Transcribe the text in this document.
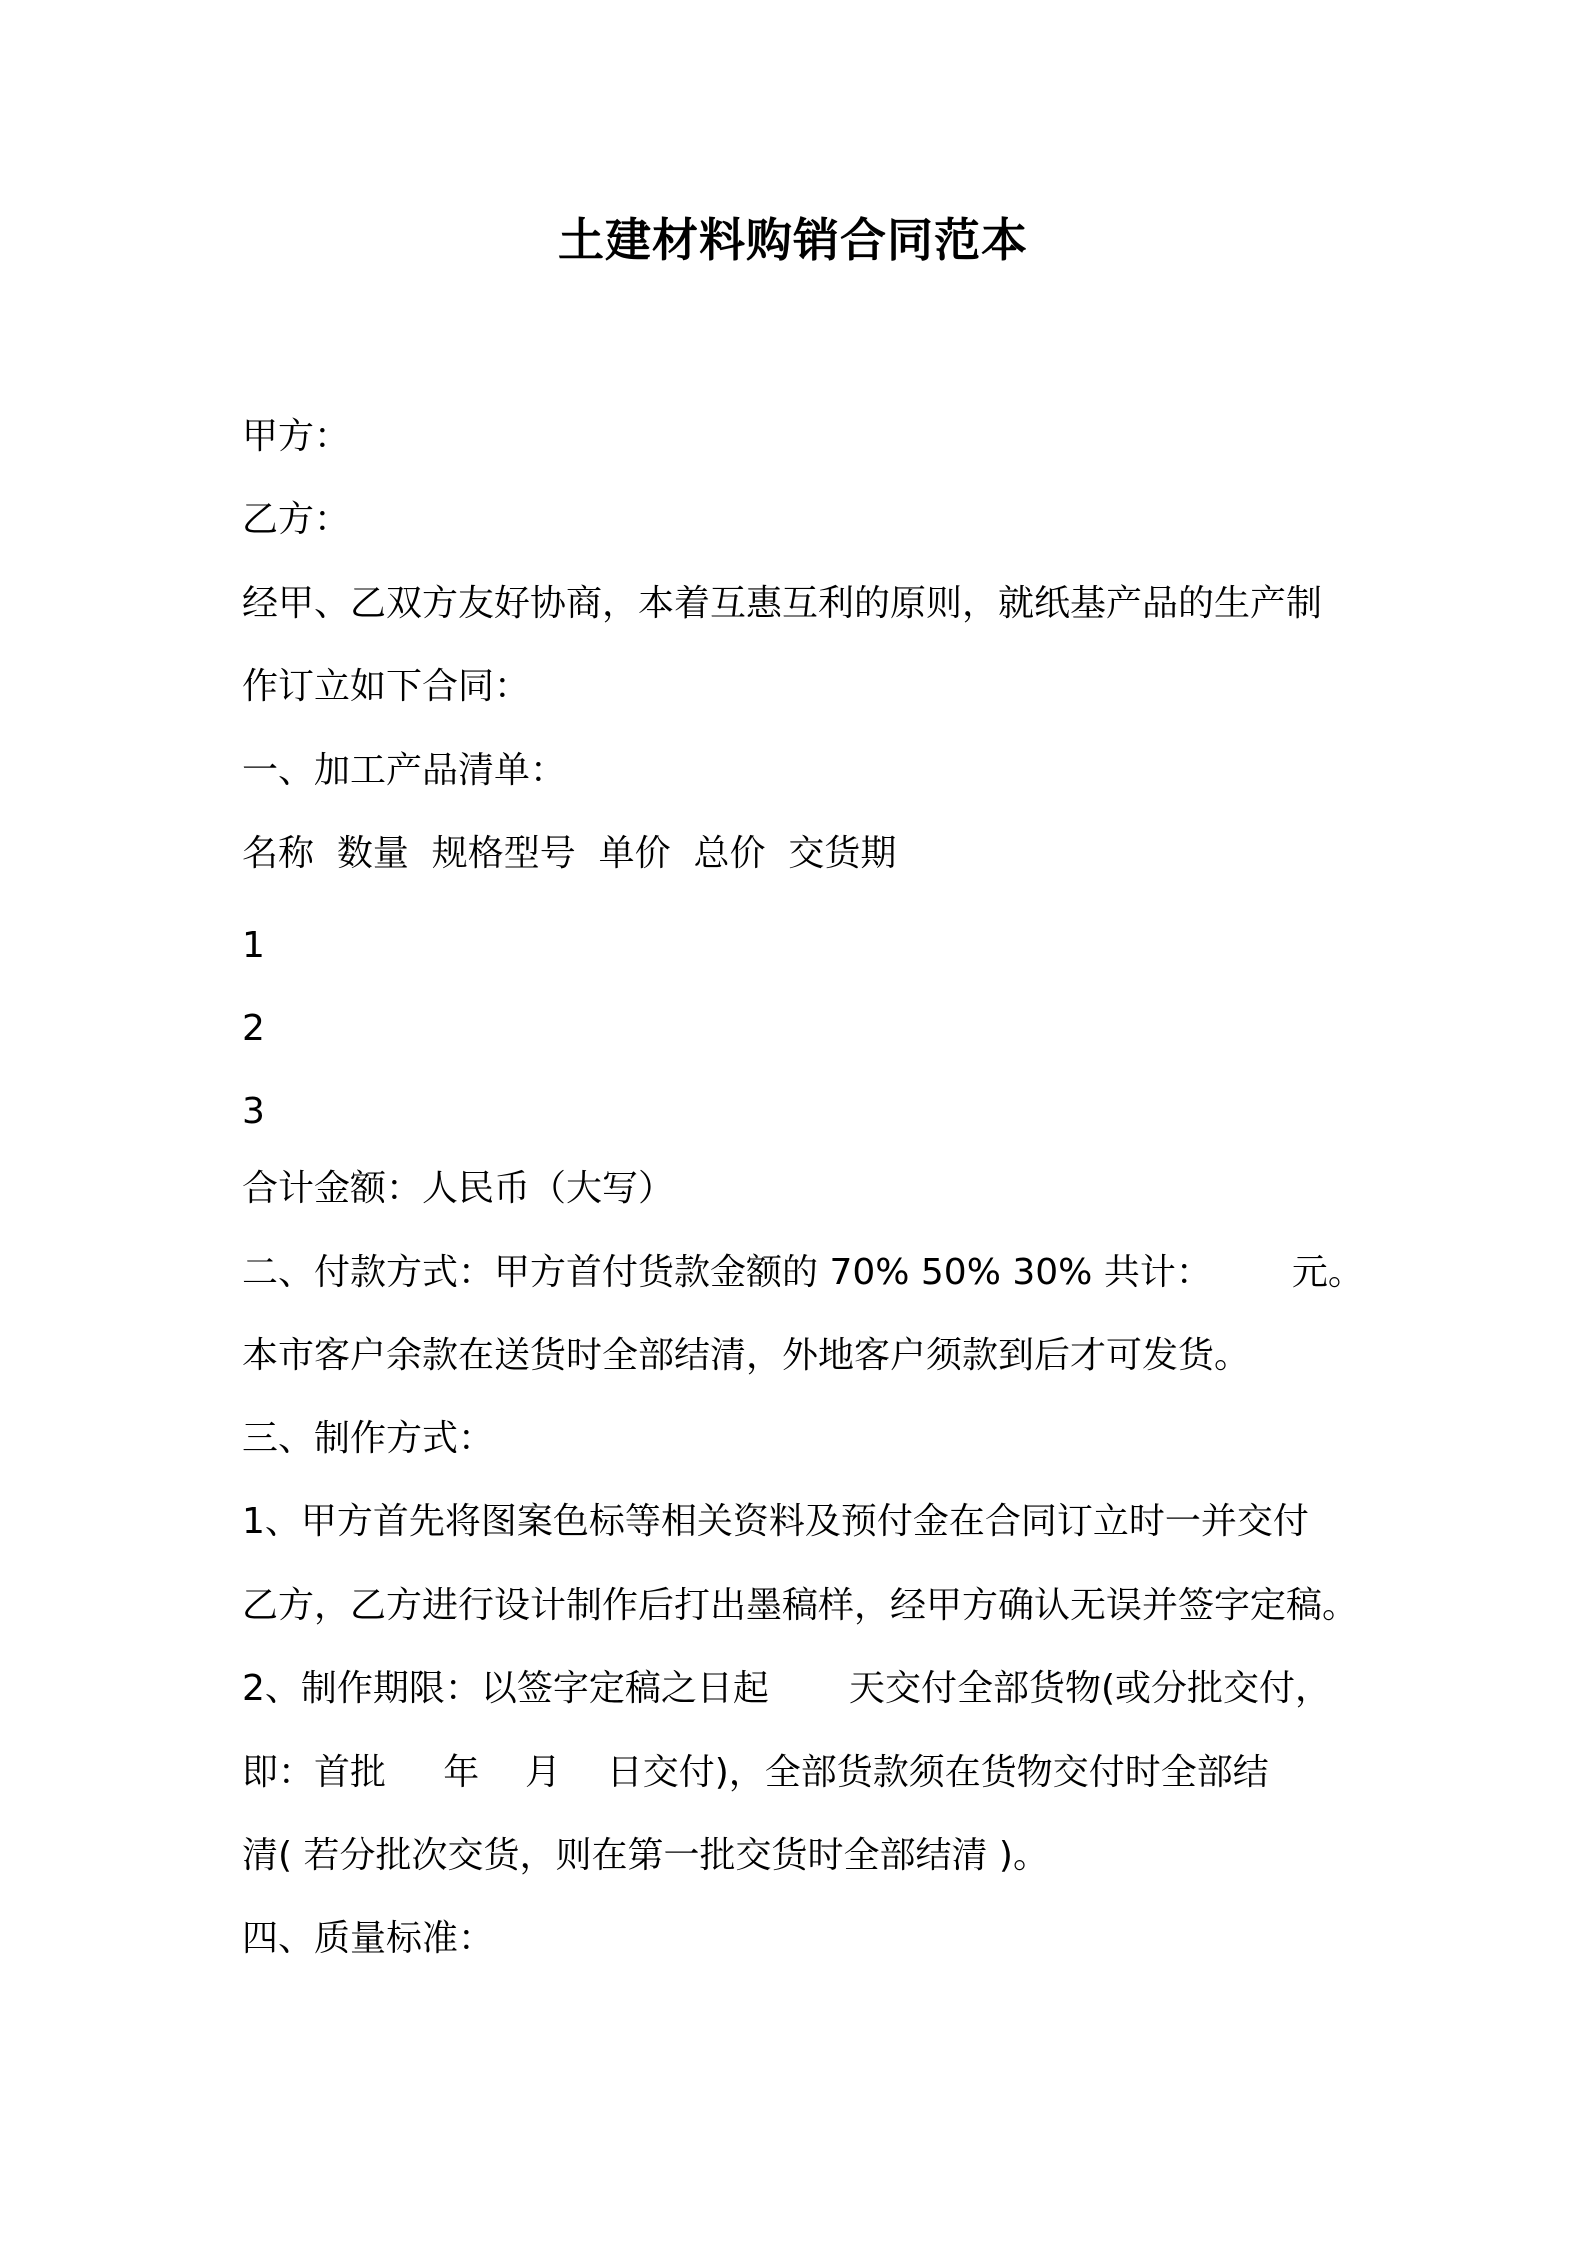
土建材料购销合同范本
甲方：
乙方：
经甲、乙双方友好协商，本着互惠互利的原则，就纸基产品的生产制
作订立如下合同：
一、加工产品清单：
名称  数量  规格型号  单价  总价  交货期
1
2
3
合计金额：人民币（大写）
二、付款方式：甲方首付货款金额的 70% 50% 30% 共计：       元。
本市客户余款在送货时全部结清，外地客户须款到后才可发货。
三、制作方式：
1、甲方首先将图案色标等相关资料及预付金在合同订立时一并交付
乙方，乙方进行设计制作后打出墨稿样，经甲方确认无误并签字定稿。
2、制作期限：以签字定稿之日起       天交付全部货物(或分批交付，
即：首批     年    月    日交付)，全部货款须在货物交付时全部结
清( 若分批次交货，则在第一批交货时全部结清 )。
四、质量标准：
